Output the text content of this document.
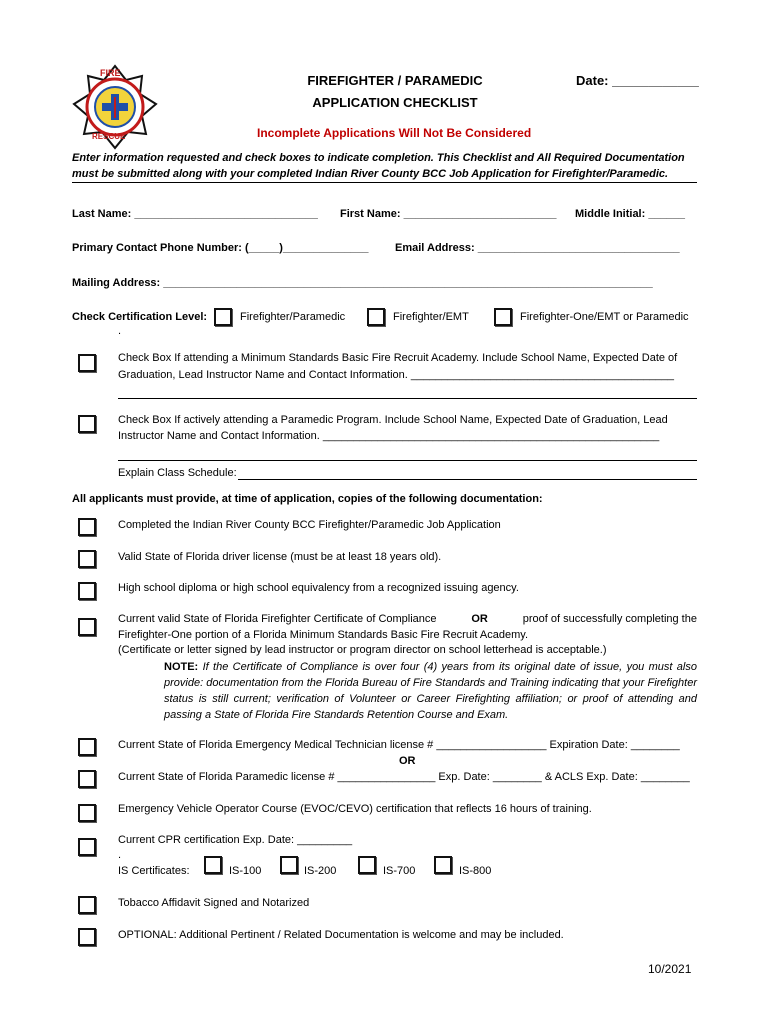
FIRE
RESCUE
FIREFIGHTER / PARAMEDIC
APPLICATION CHECKLIST
Date: ____________
Incomplete Applications Will Not Be Considered
Enter information requested and check boxes to indicate completion. This Checklist and All Required Documentation
must be submitted along with your completed Indian River County BCC Job Application for Firefighter/Paramedic.
Last Name: ______________________________ First Name: _________________________ Middle Initial: ______
Primary Contact Phone Number: (_____)______________ Email Address: _________________________________
Mailing Address: ________________________________________________________________________________
Check Certification Level:	Firefighter/Paramedic	Firefighter/EMT	Firefighter-One/EMT or Paramedic
.
Check Box If attending a Minimum Standards Basic Fire Recruit Academy. Include School Name, Expected Date of
Graduation, Lead Instructor Name and Contact Information. ___________________________________________
Check Box If actively attending a Paramedic Program. Include School Name, Expected Date of Graduation, Lead
Instructor Name and Contact Information. _______________________________________________________
Explain Class Schedule:
All applicants must provide, at time of application, copies of the following documentation:
Completed the Indian River County BCC Firefighter/Paramedic Job Application
Valid State of Florida driver license (must be at least 18 years old).
High school diploma or high school equivalency from a recognized issuing agency.
Current valid State of Florida Firefighter Certificate of Compliance	OR	proof of successfully completing the
Firefighter-One portion of a Florida Minimum Standards Basic Fire Recruit Academy.
(Certificate or letter signed by lead instructor or program director on school letterhead is acceptable.)
NOTE: If the Certificate of Compliance is over four (4) years from its original date of issue, you must also provide: documentation from the Florida Bureau of Fire Standards and Training indicating that your Firefighter status is still current; verification of Volunteer or Career Firefighting affiliation; or proof of attending and passing a State of Florida Fire Standards Retention Course and Exam.
Current State of Florida Emergency Medical Technician license # __________________ Expiration Date: ________
OR
Current State of Florida Paramedic license # ________________ Exp. Date: ________ & ACLS Exp. Date: ________
Emergency Vehicle Operator Course (EVOC/CEVO) certification that reflects 16 hours of training.
Current CPR certification Exp. Date: _________
.
IS Certificates:	IS-100	IS-200	IS-700	IS-800
Tobacco Affidavit Signed and Notarized
OPTIONAL: Additional Pertinent / Related Documentation is welcome and may be included.
10/2021
